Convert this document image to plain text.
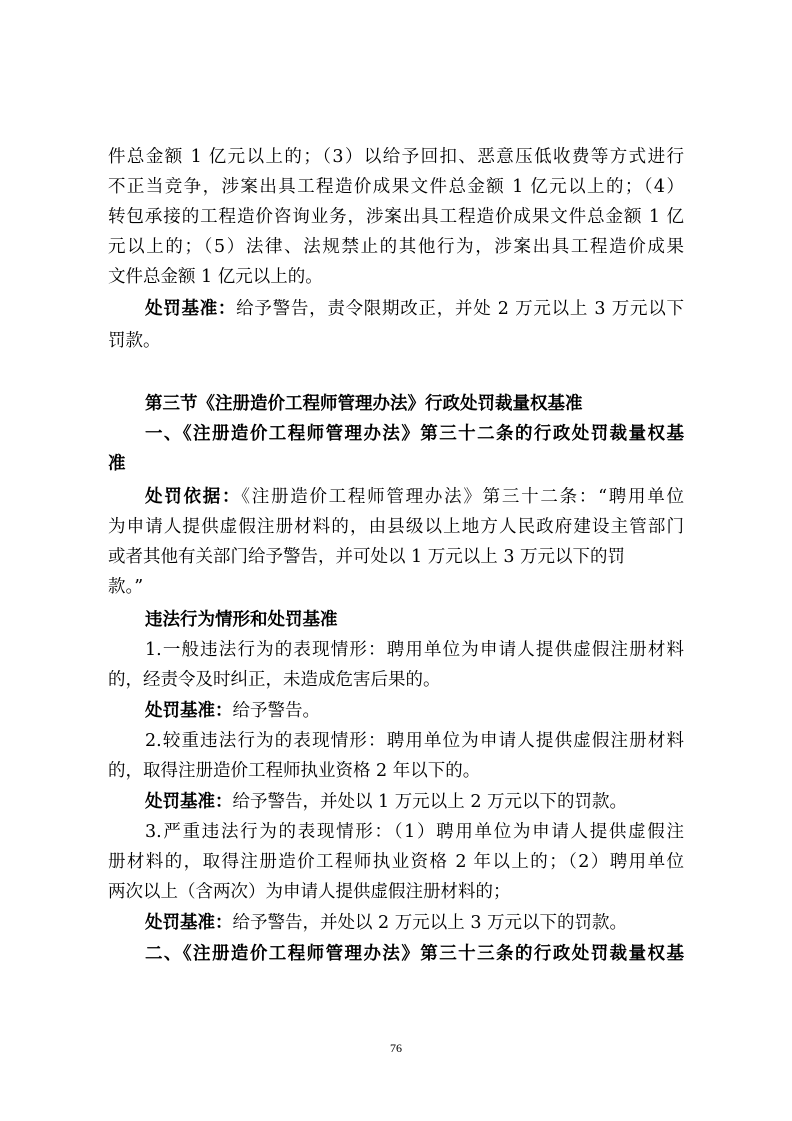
件总金额 1 亿元以上的；（3）以给予回扣、恶意压低收费等方式进行

不正当竞争，涉案出具工程造价成果文件总金额 1 亿元以上的；（4）

转包承接的工程造价咨询业务，涉案出具工程造价成果文件总金额 1 亿

元以上的；（5）法律、法规禁止的其他行为，涉案出具工程造价成果

文件总金额 1 亿元以上的。

处罚基准：给予警告，责令限期改正，并处 2 万元以上 3 万元以下

罚款。

第三节《注册造价工程师管理办法》行政处罚裁量权基准

一、《注册造价工程师管理办法》第三十二条的行政处罚裁量权基

准

处罚依据：《注册造价工程师管理办法》第三十二条：“聘用单位

为申请人提供虚假注册材料的，由县级以上地方人民政府建设主管部门

或者其他有关部门给予警告，并可处以 1 万元以上 3 万元以下的罚

款。”

违法行为情形和处罚基准

1.一般违法行为的表现情形：聘用单位为申请人提供虚假注册材料

的，经责令及时纠正，未造成危害后果的。

处罚基准：给予警告。

2.较重违法行为的表现情形：聘用单位为申请人提供虚假注册材料

的，取得注册造价工程师执业资格 2 年以下的。

处罚基准：给予警告，并处以 1 万元以上 2 万元以下的罚款。

3.严重违法行为的表现情形：（1）聘用单位为申请人提供虚假注

册材料的，取得注册造价工程师执业资格 2 年以上的；（2）聘用单位

两次以上（含两次）为申请人提供虚假注册材料的；

处罚基准：给予警告，并处以 2 万元以上 3 万元以下的罚款。

二、《注册造价工程师管理办法》第三十三条的行政处罚裁量权基

76
